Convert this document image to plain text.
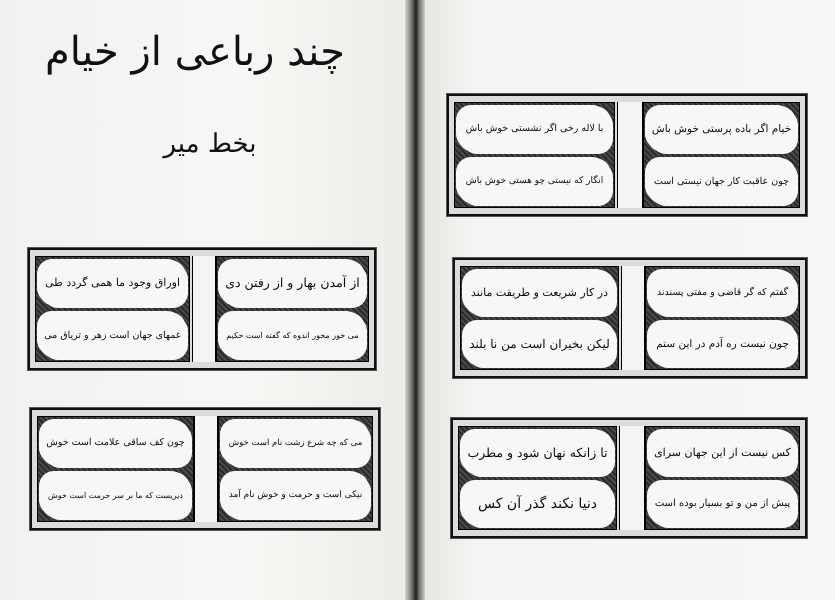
چند رباعی از خیام
بخط میر
از آمدن بهار و از رفتن دی
می خور مخور اندوه که گفته است حکیم
اوراق وجود ما همی گردد طی
غمهای جهان است زهر و تریاق می
می که چه شرع زشت نام است خوش
نیکی است و حرمت و خوش نام آمد
چون کف ساقی علامت است خوش
دیریست که ما بر سر حرمت است خوش
خیام اگر باده پرستی خوش باش
چون عاقبت کار جهان نیستی است
با لاله رخی اگر نشستی خوش باش
انگار که نیستی چو هستی خوش باش
گفتم که گر قاضی و مفتی پسندند
چون نیست ره آدم در این ستم
در کار شریعت و طریقت مانند
لیکن بخیران است من نا بلند
کس نیست از این جهان سرای
پیش از من و تو بسیار بوده است
تا زانکه نهان شود و مطرب
دنیا نکند گذر آن کس
